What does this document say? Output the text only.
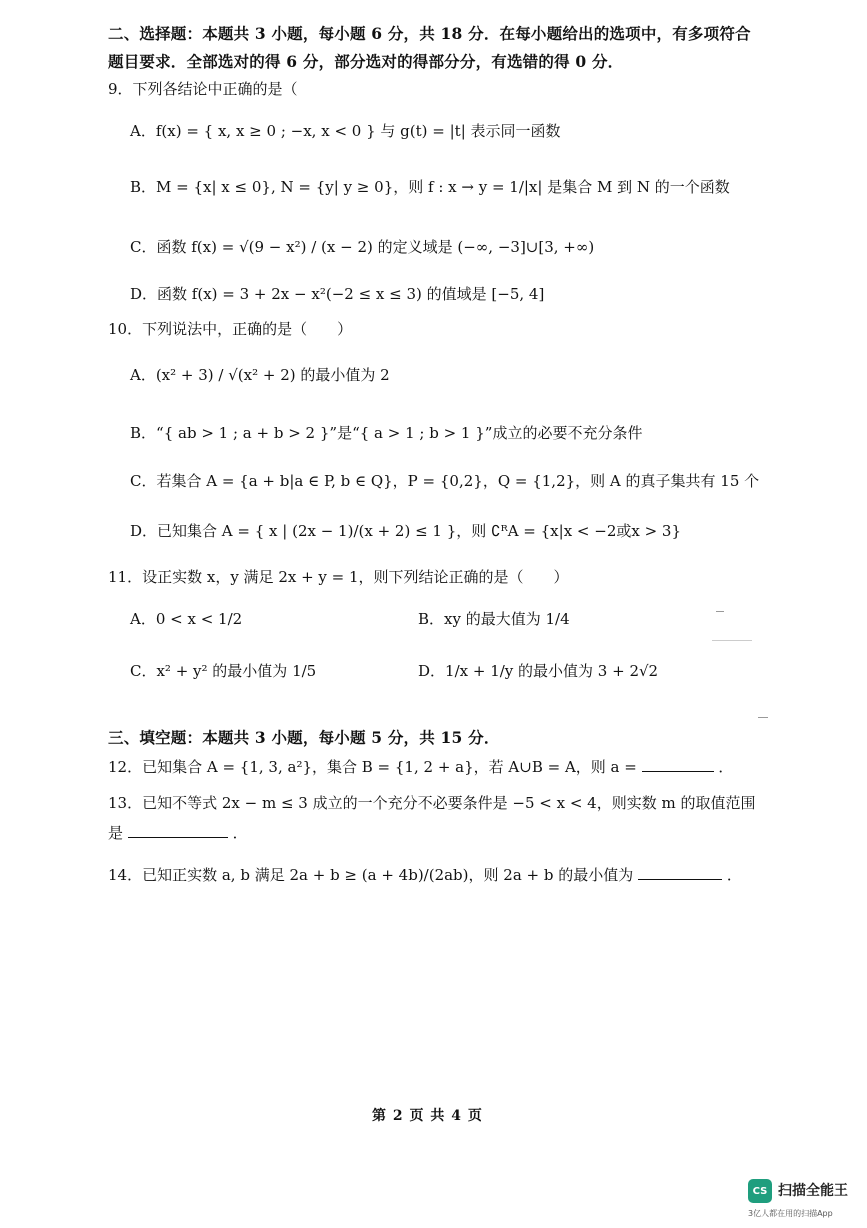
二、选择题：本题共 3 小题，每小题 6 分，共 18 分．在每小题给出的选项中，有多项符合
题目要求．全部选对的得 6 分，部分选对的得部分分，有选错的得 0 分．
9．下列各结论中正确的是（
A．f(x) = { x, x ≥ 0 ; −x, x < 0 } 与 g(t) = |t| 表示同一函数
B．M = {x| x ≤ 0}, N = {y| y ≥ 0}，则 f : x → y = 1/|x| 是集合 M 到 N 的一个函数
C．函数 f(x) = √(9 − x²) / (x − 2) 的定义域是 (−∞, −3]∪[3, +∞)
D．函数 f(x) = 3 + 2x − x²(−2 ≤ x ≤ 3) 的值域是 [−5, 4]
10．下列说法中，正确的是（　　）
A．(x² + 3) / √(x² + 2) 的最小值为 2
B．“{ ab > 1 ; a + b > 2 }”是“{ a > 1 ; b > 1 }”成立的必要不充分条件
C．若集合 A = {a + b|a ∈ P, b ∈ Q}，P = {0,2}，Q = {1,2}，则 A 的真子集共有 15 个
D．已知集合 A = { x | (2x − 1)/(x + 2) ≤ 1 }，则 ∁ᴿA = {x|x < −2或x > 3}
11．设正实数 x，y 满足 2x + y = 1，则下列结论正确的是（　　）
A．0 < x < 1/2	B．xy 的最大值为 1/4
C．x² + y² 的最小值为 1/5	D．1/x + 1/y 的最小值为 3 + 2√2
三、填空题：本题共 3 小题，每小题 5 分，共 15 分．
12．已知集合 A = {1, 3, a²}，集合 B = {1, 2 + a}，若 A∪B = A，则 a =	．
13．已知不等式 2x − m ≤ 3 成立的一个充分不必要条件是 −5 < x < 4，则实数 m 的取值范围
是	．
14．已知正实数 a, b 满足 2a + b ≥ (a + 4b)/(2ab)，则 2a + b 的最小值为	．
第 2 页 共 4 页
CS 扫描全能王
3亿人都在用的扫描App
